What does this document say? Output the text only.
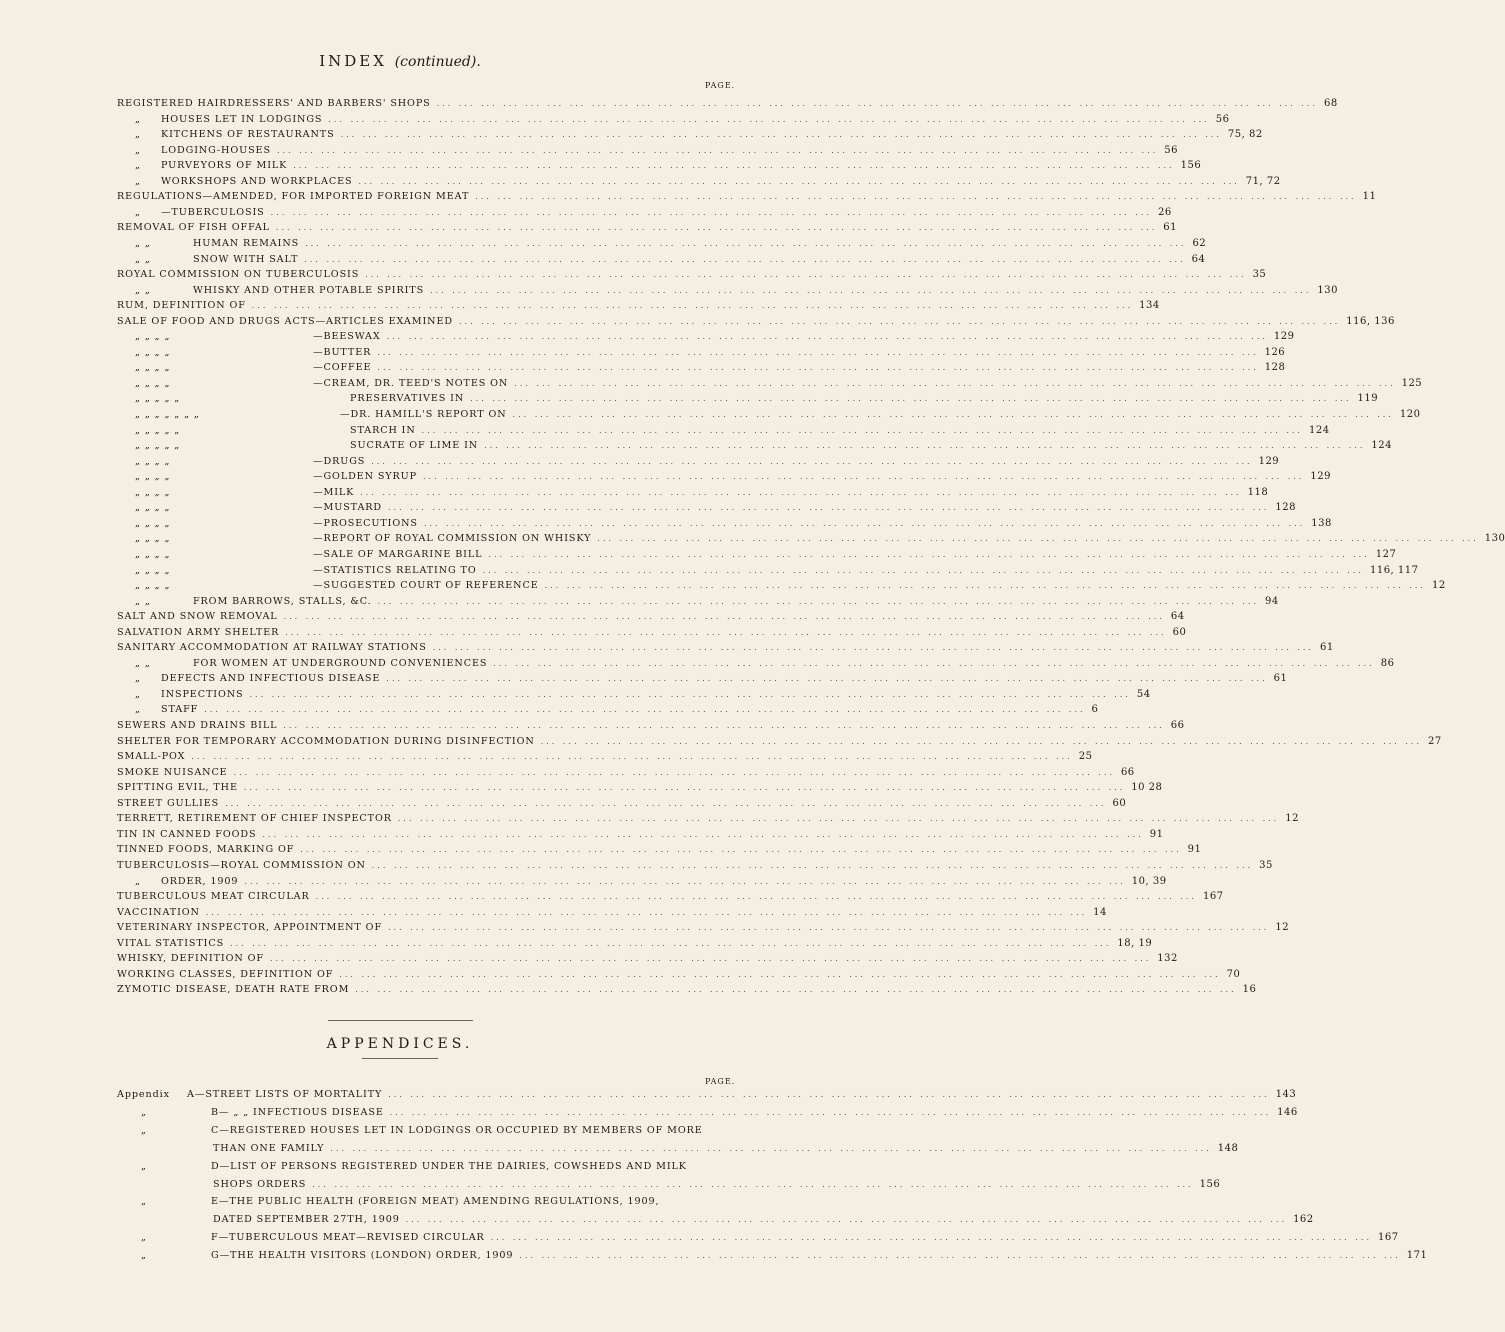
INDEX (continued).
PAGE.
REGISTERED HAIRDRESSERS' AND BARBERS' SHOPS ... ... ... ... ... ... ... ... ... ... ... ... ... ... ... ... ... ... ... ... ... ... ... ... ... ... ... ... ... ... ... ... ... ... ... ... ... ... ... ... 68
„	HOUSES LET IN LODGINGS ... ... ... ... ... ... ... ... ... ... ... ... ... ... ... ... ... ... ... ... ... ... ... ... ... ... ... ... ... ... ... ... ... ... ... ... ... ... ... ... 56
„	KITCHENS OF RESTAURANTS ... ... ... ... ... ... ... ... ... ... ... ... ... ... ... ... ... ... ... ... ... ... ... ... ... ... ... ... ... ... ... ... ... ... ... ... ... ... ... ... 75, 82
„	LODGING-HOUSES ... ... ... ... ... ... ... ... ... ... ... ... ... ... ... ... ... ... ... ... ... ... ... ... ... ... ... ... ... ... ... ... ... ... ... ... ... ... ... ... 56
„	PURVEYORS OF MILK ... ... ... ... ... ... ... ... ... ... ... ... ... ... ... ... ... ... ... ... ... ... ... ... ... ... ... ... ... ... ... ... ... ... ... ... ... ... ... ... 156
„	WORKSHOPS AND WORKPLACES ... ... ... ... ... ... ... ... ... ... ... ... ... ... ... ... ... ... ... ... ... ... ... ... ... ... ... ... ... ... ... ... ... ... ... ... ... ... ... ... 71, 72
REGULATIONS—AMENDED, FOR IMPORTED FOREIGN MEAT ... ... ... ... ... ... ... ... ... ... ... ... ... ... ... ... ... ... ... ... ... ... ... ... ... ... ... ... ... ... ... ... ... ... ... ... ... ... ... ... 11
„	—TUBERCULOSIS ... ... ... ... ... ... ... ... ... ... ... ... ... ... ... ... ... ... ... ... ... ... ... ... ... ... ... ... ... ... ... ... ... ... ... ... ... ... ... ... 26
REMOVAL OF FISH OFFAL ... ... ... ... ... ... ... ... ... ... ... ... ... ... ... ... ... ... ... ... ... ... ... ... ... ... ... ... ... ... ... ... ... ... ... ... ... ... ... ... 61
„ „	HUMAN REMAINS ... ... ... ... ... ... ... ... ... ... ... ... ... ... ... ... ... ... ... ... ... ... ... ... ... ... ... ... ... ... ... ... ... ... ... ... ... ... ... ... 62
„ „	SNOW WITH SALT ... ... ... ... ... ... ... ... ... ... ... ... ... ... ... ... ... ... ... ... ... ... ... ... ... ... ... ... ... ... ... ... ... ... ... ... ... ... ... ... 64
ROYAL COMMISSION ON TUBERCULOSIS ... ... ... ... ... ... ... ... ... ... ... ... ... ... ... ... ... ... ... ... ... ... ... ... ... ... ... ... ... ... ... ... ... ... ... ... ... ... ... ... 35
„ „	WHISKY AND OTHER POTABLE SPIRITS ... ... ... ... ... ... ... ... ... ... ... ... ... ... ... ... ... ... ... ... ... ... ... ... ... ... ... ... ... ... ... ... ... ... ... ... ... ... ... ... 130
RUM, DEFINITION OF ... ... ... ... ... ... ... ... ... ... ... ... ... ... ... ... ... ... ... ... ... ... ... ... ... ... ... ... ... ... ... ... ... ... ... ... ... ... ... ... 134
SALE OF FOOD AND DRUGS ACTS—ARTICLES EXAMINED ... ... ... ... ... ... ... ... ... ... ... ... ... ... ... ... ... ... ... ... ... ... ... ... ... ... ... ... ... ... ... ... ... ... ... ... ... ... ... ... 116, 136
„ „ „ „	—BEESWAX ... ... ... ... ... ... ... ... ... ... ... ... ... ... ... ... ... ... ... ... ... ... ... ... ... ... ... ... ... ... ... ... ... ... ... ... ... ... ... ... 129
„ „ „ „	—BUTTER ... ... ... ... ... ... ... ... ... ... ... ... ... ... ... ... ... ... ... ... ... ... ... ... ... ... ... ... ... ... ... ... ... ... ... ... ... ... ... ... 126
„ „ „ „	—COFFEE ... ... ... ... ... ... ... ... ... ... ... ... ... ... ... ... ... ... ... ... ... ... ... ... ... ... ... ... ... ... ... ... ... ... ... ... ... ... ... ... 128
„ „ „ „	—CREAM, DR. TEED'S NOTES ON ... ... ... ... ... ... ... ... ... ... ... ... ... ... ... ... ... ... ... ... ... ... ... ... ... ... ... ... ... ... ... ... ... ... ... ... ... ... ... ... 125
„ „ „ „ „	PRESERVATIVES IN ... ... ... ... ... ... ... ... ... ... ... ... ... ... ... ... ... ... ... ... ... ... ... ... ... ... ... ... ... ... ... ... ... ... ... ... ... ... ... ... 119
„ „ „ „ „ „ „	—DR. HAMILL'S REPORT ON ... ... ... ... ... ... ... ... ... ... ... ... ... ... ... ... ... ... ... ... ... ... ... ... ... ... ... ... ... ... ... ... ... ... ... ... ... ... ... ... 120
„ „ „ „ „	STARCH IN ... ... ... ... ... ... ... ... ... ... ... ... ... ... ... ... ... ... ... ... ... ... ... ... ... ... ... ... ... ... ... ... ... ... ... ... ... ... ... ... 124
„ „ „ „ „	SUCRATE OF LIME IN ... ... ... ... ... ... ... ... ... ... ... ... ... ... ... ... ... ... ... ... ... ... ... ... ... ... ... ... ... ... ... ... ... ... ... ... ... ... ... ... 124
„ „ „ „	—DRUGS ... ... ... ... ... ... ... ... ... ... ... ... ... ... ... ... ... ... ... ... ... ... ... ... ... ... ... ... ... ... ... ... ... ... ... ... ... ... ... ... 129
„ „ „ „	—GOLDEN SYRUP ... ... ... ... ... ... ... ... ... ... ... ... ... ... ... ... ... ... ... ... ... ... ... ... ... ... ... ... ... ... ... ... ... ... ... ... ... ... ... ... 129
„ „ „ „	—MILK ... ... ... ... ... ... ... ... ... ... ... ... ... ... ... ... ... ... ... ... ... ... ... ... ... ... ... ... ... ... ... ... ... ... ... ... ... ... ... ... 118
„ „ „ „	—MUSTARD ... ... ... ... ... ... ... ... ... ... ... ... ... ... ... ... ... ... ... ... ... ... ... ... ... ... ... ... ... ... ... ... ... ... ... ... ... ... ... ... 128
„ „ „ „	—PROSECUTIONS ... ... ... ... ... ... ... ... ... ... ... ... ... ... ... ... ... ... ... ... ... ... ... ... ... ... ... ... ... ... ... ... ... ... ... ... ... ... ... ... 138
„ „ „ „	—REPORT OF ROYAL COMMISSION ON WHISKY ... ... ... ... ... ... ... ... ... ... ... ... ... ... ... ... ... ... ... ... ... ... ... ... ... ... ... ... ... ... ... ... ... ... ... ... ... ... ... ... 130
„ „ „ „	—SALE OF MARGARINE BILL ... ... ... ... ... ... ... ... ... ... ... ... ... ... ... ... ... ... ... ... ... ... ... ... ... ... ... ... ... ... ... ... ... ... ... ... ... ... ... ... 127
„ „ „ „	—STATISTICS RELATING TO ... ... ... ... ... ... ... ... ... ... ... ... ... ... ... ... ... ... ... ... ... ... ... ... ... ... ... ... ... ... ... ... ... ... ... ... ... ... ... ... 116, 117
„ „ „ „	—SUGGESTED COURT OF REFERENCE ... ... ... ... ... ... ... ... ... ... ... ... ... ... ... ... ... ... ... ... ... ... ... ... ... ... ... ... ... ... ... ... ... ... ... ... ... ... ... ... 12
„ „	FROM BARROWS, STALLS, &C. ... ... ... ... ... ... ... ... ... ... ... ... ... ... ... ... ... ... ... ... ... ... ... ... ... ... ... ... ... ... ... ... ... ... ... ... ... ... ... ... 94
SALT AND SNOW REMOVAL ... ... ... ... ... ... ... ... ... ... ... ... ... ... ... ... ... ... ... ... ... ... ... ... ... ... ... ... ... ... ... ... ... ... ... ... ... ... ... ... 64
SALVATION ARMY SHELTER ... ... ... ... ... ... ... ... ... ... ... ... ... ... ... ... ... ... ... ... ... ... ... ... ... ... ... ... ... ... ... ... ... ... ... ... ... ... ... ... 60
SANITARY ACCOMMODATION AT RAILWAY STATIONS ... ... ... ... ... ... ... ... ... ... ... ... ... ... ... ... ... ... ... ... ... ... ... ... ... ... ... ... ... ... ... ... ... ... ... ... ... ... ... ... 61
„ „	FOR WOMEN AT UNDERGROUND CONVENIENCES ... ... ... ... ... ... ... ... ... ... ... ... ... ... ... ... ... ... ... ... ... ... ... ... ... ... ... ... ... ... ... ... ... ... ... ... ... ... ... ... 86
„	DEFECTS AND INFECTIOUS DISEASE ... ... ... ... ... ... ... ... ... ... ... ... ... ... ... ... ... ... ... ... ... ... ... ... ... ... ... ... ... ... ... ... ... ... ... ... ... ... ... ... 61
„	INSPECTIONS ... ... ... ... ... ... ... ... ... ... ... ... ... ... ... ... ... ... ... ... ... ... ... ... ... ... ... ... ... ... ... ... ... ... ... ... ... ... ... ... 54
„	STAFF ... ... ... ... ... ... ... ... ... ... ... ... ... ... ... ... ... ... ... ... ... ... ... ... ... ... ... ... ... ... ... ... ... ... ... ... ... ... ... ... 6
SEWERS AND DRAINS BILL ... ... ... ... ... ... ... ... ... ... ... ... ... ... ... ... ... ... ... ... ... ... ... ... ... ... ... ... ... ... ... ... ... ... ... ... ... ... ... ... 66
SHELTER FOR TEMPORARY ACCOMMODATION DURING DISINFECTION ... ... ... ... ... ... ... ... ... ... ... ... ... ... ... ... ... ... ... ... ... ... ... ... ... ... ... ... ... ... ... ... ... ... ... ... ... ... ... ... 27
SMALL-POX ... ... ... ... ... ... ... ... ... ... ... ... ... ... ... ... ... ... ... ... ... ... ... ... ... ... ... ... ... ... ... ... ... ... ... ... ... ... ... ... 25
SMOKE NUISANCE ... ... ... ... ... ... ... ... ... ... ... ... ... ... ... ... ... ... ... ... ... ... ... ... ... ... ... ... ... ... ... ... ... ... ... ... ... ... ... ... 66
SPITTING EVIL, THE ... ... ... ... ... ... ... ... ... ... ... ... ... ... ... ... ... ... ... ... ... ... ... ... ... ... ... ... ... ... ... ... ... ... ... ... ... ... ... ... 10 28
STREET GULLIES ... ... ... ... ... ... ... ... ... ... ... ... ... ... ... ... ... ... ... ... ... ... ... ... ... ... ... ... ... ... ... ... ... ... ... ... ... ... ... ... 60
TERRETT, RETIREMENT OF CHIEF INSPECTOR ... ... ... ... ... ... ... ... ... ... ... ... ... ... ... ... ... ... ... ... ... ... ... ... ... ... ... ... ... ... ... ... ... ... ... ... ... ... ... ... 12
TIN IN CANNED FOODS ... ... ... ... ... ... ... ... ... ... ... ... ... ... ... ... ... ... ... ... ... ... ... ... ... ... ... ... ... ... ... ... ... ... ... ... ... ... ... ... 91
TINNED FOODS, MARKING OF ... ... ... ... ... ... ... ... ... ... ... ... ... ... ... ... ... ... ... ... ... ... ... ... ... ... ... ... ... ... ... ... ... ... ... ... ... ... ... ... 91
TUBERCULOSIS—ROYAL COMMISSION ON ... ... ... ... ... ... ... ... ... ... ... ... ... ... ... ... ... ... ... ... ... ... ... ... ... ... ... ... ... ... ... ... ... ... ... ... ... ... ... ... 35
„	ORDER, 1909 ... ... ... ... ... ... ... ... ... ... ... ... ... ... ... ... ... ... ... ... ... ... ... ... ... ... ... ... ... ... ... ... ... ... ... ... ... ... ... ... 10, 39
TUBERCULOUS MEAT CIRCULAR ... ... ... ... ... ... ... ... ... ... ... ... ... ... ... ... ... ... ... ... ... ... ... ... ... ... ... ... ... ... ... ... ... ... ... ... ... ... ... ... 167
VACCINATION ... ... ... ... ... ... ... ... ... ... ... ... ... ... ... ... ... ... ... ... ... ... ... ... ... ... ... ... ... ... ... ... ... ... ... ... ... ... ... ... 14
VETERINARY INSPECTOR, APPOINTMENT OF ... ... ... ... ... ... ... ... ... ... ... ... ... ... ... ... ... ... ... ... ... ... ... ... ... ... ... ... ... ... ... ... ... ... ... ... ... ... ... ... 12
VITAL STATISTICS ... ... ... ... ... ... ... ... ... ... ... ... ... ... ... ... ... ... ... ... ... ... ... ... ... ... ... ... ... ... ... ... ... ... ... ... ... ... ... ... 18, 19
WHISKY, DEFINITION OF ... ... ... ... ... ... ... ... ... ... ... ... ... ... ... ... ... ... ... ... ... ... ... ... ... ... ... ... ... ... ... ... ... ... ... ... ... ... ... ... 132
WORKING CLASSES, DEFINITION OF ... ... ... ... ... ... ... ... ... ... ... ... ... ... ... ... ... ... ... ... ... ... ... ... ... ... ... ... ... ... ... ... ... ... ... ... ... ... ... ... 70
ZYMOTIC DISEASE, DEATH RATE FROM ... ... ... ... ... ... ... ... ... ... ... ... ... ... ... ... ... ... ... ... ... ... ... ... ... ... ... ... ... ... ... ... ... ... ... ... ... ... ... ... 16
APPENDICES.
PAGE.
Appendix	A—STREET LISTS OF MORTALITY ... ... ... ... ... ... ... ... ... ... ... ... ... ... ... ... ... ... ... ... ... ... ... ... ... ... ... ... ... ... ... ... ... ... ... ... ... ... ... ... 143
„	B— „ „ INFECTIOUS DISEASE ... ... ... ... ... ... ... ... ... ... ... ... ... ... ... ... ... ... ... ... ... ... ... ... ... ... ... ... ... ... ... ... ... ... ... ... ... ... ... ... 146
„	C—REGISTERED HOUSES LET IN LODGINGS OR OCCUPIED BY MEMBERS OF MORE
THAN ONE FAMILY ... ... ... ... ... ... ... ... ... ... ... ... ... ... ... ... ... ... ... ... ... ... ... ... ... ... ... ... ... ... ... ... ... ... ... ... ... ... ... ... 148
„	D—LIST OF PERSONS REGISTERED UNDER THE DAIRIES, COWSHEDS AND MILK
SHOPS ORDERS ... ... ... ... ... ... ... ... ... ... ... ... ... ... ... ... ... ... ... ... ... ... ... ... ... ... ... ... ... ... ... ... ... ... ... ... ... ... ... ... 156
„	E—THE PUBLIC HEALTH (FOREIGN MEAT) AMENDING REGULATIONS, 1909,
DATED SEPTEMBER 27TH, 1909 ... ... ... ... ... ... ... ... ... ... ... ... ... ... ... ... ... ... ... ... ... ... ... ... ... ... ... ... ... ... ... ... ... ... ... ... ... ... ... ... 162
„	F—TUBERCULOUS MEAT—REVISED CIRCULAR ... ... ... ... ... ... ... ... ... ... ... ... ... ... ... ... ... ... ... ... ... ... ... ... ... ... ... ... ... ... ... ... ... ... ... ... ... ... ... ... 167
„	G—THE HEALTH VISITORS (LONDON) ORDER, 1909 ... ... ... ... ... ... ... ... ... ... ... ... ... ... ... ... ... ... ... ... ... ... ... ... ... ... ... ... ... ... ... ... ... ... ... ... ... ... ... ... 171
